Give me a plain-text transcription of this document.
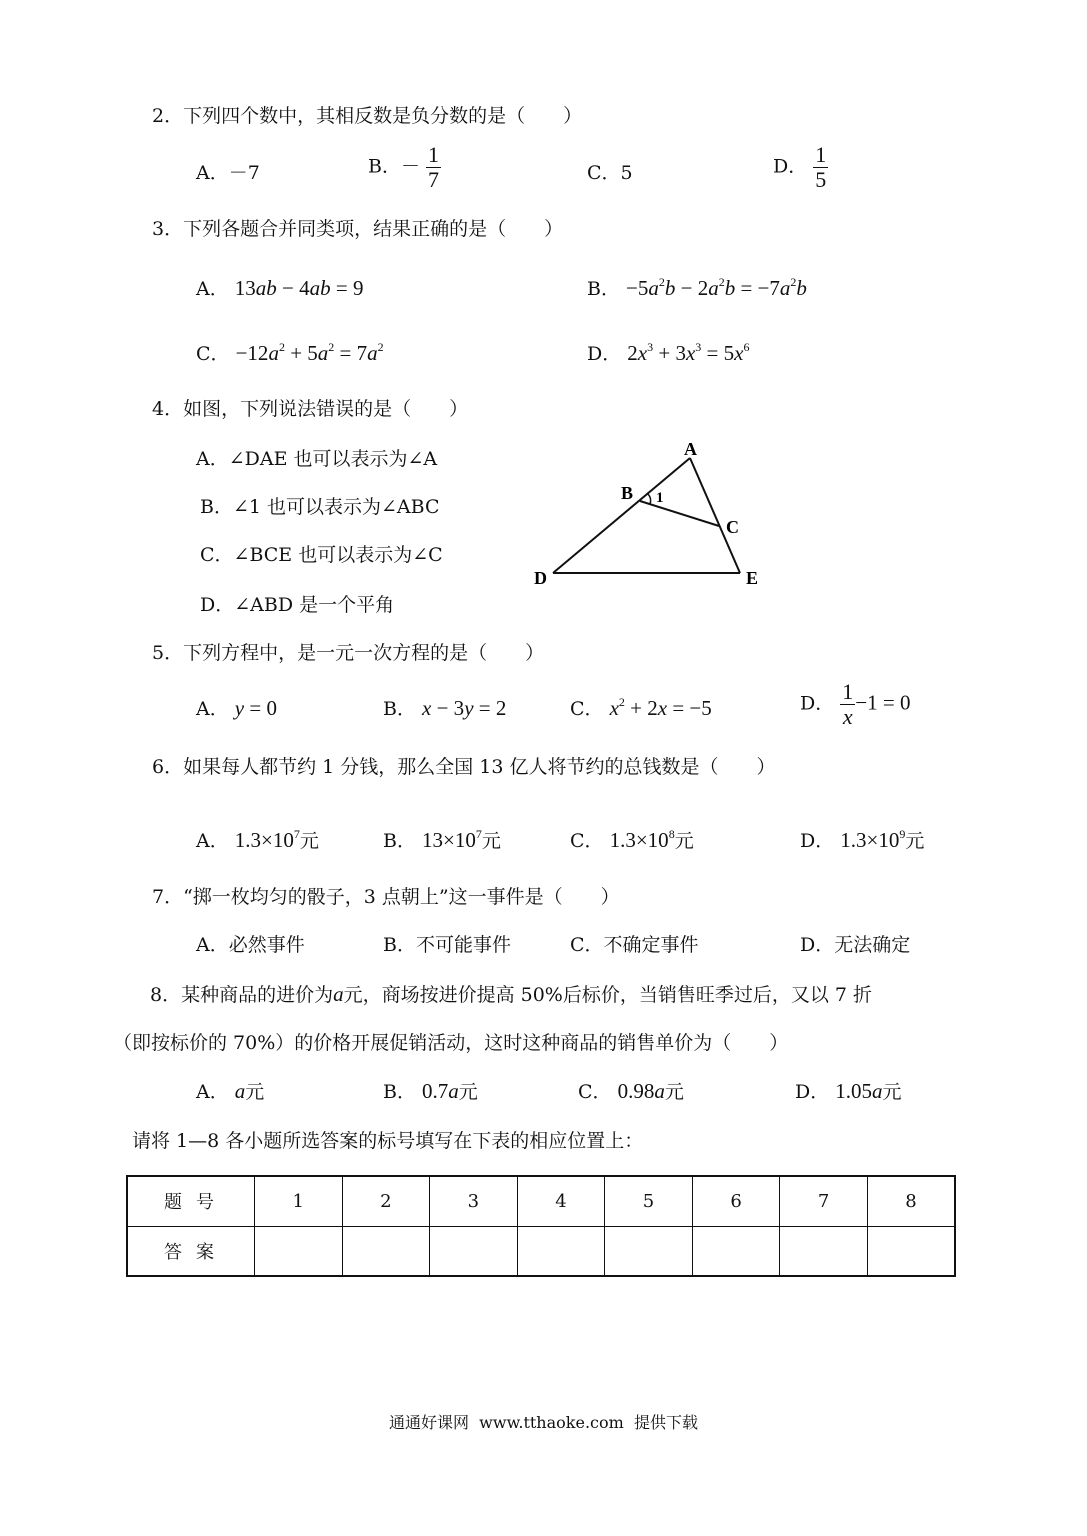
2．下列四个数中，其相反数是负分数的是（　　）
A．－7	B．－ $\frac{1}{7}$	C．5	D． $\frac{1}{5}$
3．下列各题合并同类项，结果正确的是（　　）
A． 13ab − 4ab = 9	B． $-5a^2b - 2a^2b = -7a^2b$
C． $-12a^2 + 5a^2 = 7a^2$	D． $2x^3 + 3x^3 = 5x^6$
4．如图，下列说法错误的是（　　）
A．∠DAE 也可以表示为∠A
B．∠1 也可以表示为∠ABC
C．∠BCE 也可以表示为∠C
D．∠ABD 是一个平角
A
B 1
C
D	E
5．下列方程中，是一元一次方程的是（　　）
A． y = 0	B． x − 3y = 2	C． $x^2 + 2x = -5$	D． $\frac{1}{x} -1 = 0$
6．如果每人都节约 1 分钱，那么全国 13 亿人将节约的总钱数是（　　）
A． $1.3\times 10^7$元	B． $13\times 10^7$元	C． $1.3\times 10^8$元	D． $1.3\times 10^9$元
7．“掷一枚均匀的骰子，3 点朝上”这一事件是（　　）
A．必然事件	B．不可能事件	C．不确定事件	D．无法确定
8．某种商品的进价为a元，商场按进价提高 50%后标价，当销售旺季过后，又以 7 折
（即按标价的 70%）的价格开展促销活动，这时这种商品的销售单价为（　　）
A． a元	B． 0.7a元	C． 0.98a元	D． 1.05a元
请将 1—8 各小题所选答案的标号填写在下表的相应位置上：
题号	1	2	3	4	5	6	7	8
答案								
通通好课网  www.tthaoke.com  提供下载
